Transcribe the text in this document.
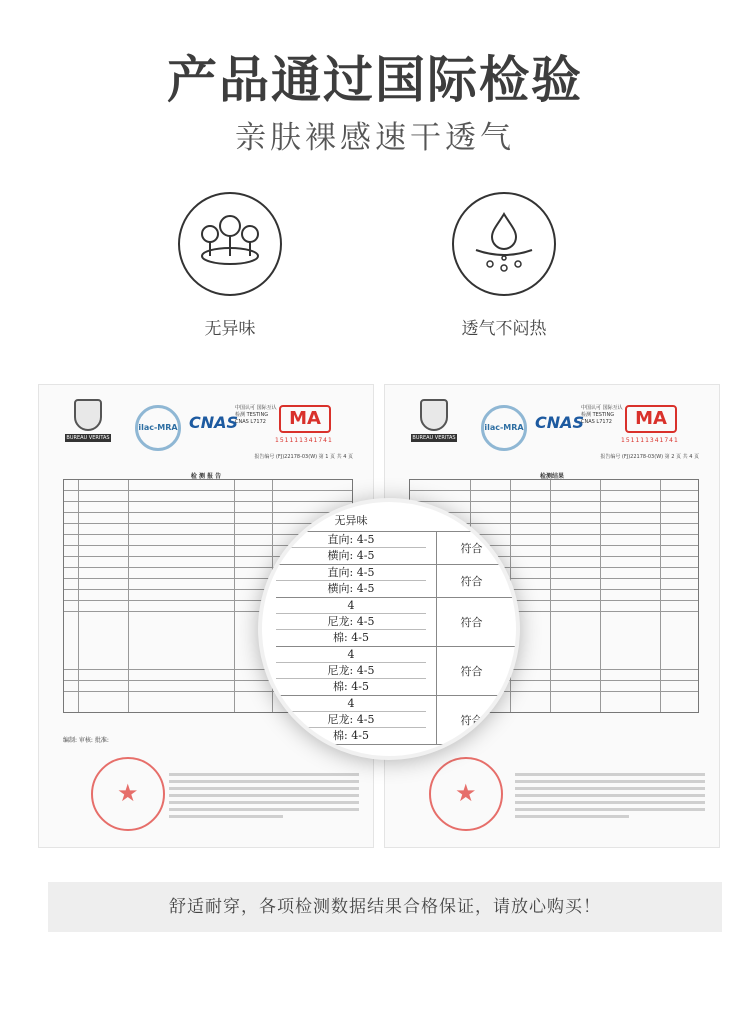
产品通过国际检验
亲肤裸感速干透气
无异味	透气不闷热
BUREAU VERITAS
ilac-MRA CNAS
中国认可 国际互认 检测 TESTING CNAS L7172	MA
151111341741
报告编号 (FJ)22178-03(W) 第 1 页 共 4 页
检 测 报 告
编制: 审核: 批准:
★
BUREAU VERITAS
ilac-MRA CNAS
中国认可 国际互认 检测 TESTING CNAS L7172	MA
151111341741
报告编号 (FJ)22178-03(W) 第 2 页 共 4 页
检测结果
★
无异味
直向: 4-5
横向: 4-5
符合
直向: 4-5
横向: 4-5
符合
4
尼龙: 4-5
棉: 4-5
符合
4
尼龙: 4-5
棉: 4-5
符合
4
尼龙: 4-5
棉: 4-5
符合
舒适耐穿，各项检测数据结果合格保证，请放心购买！
